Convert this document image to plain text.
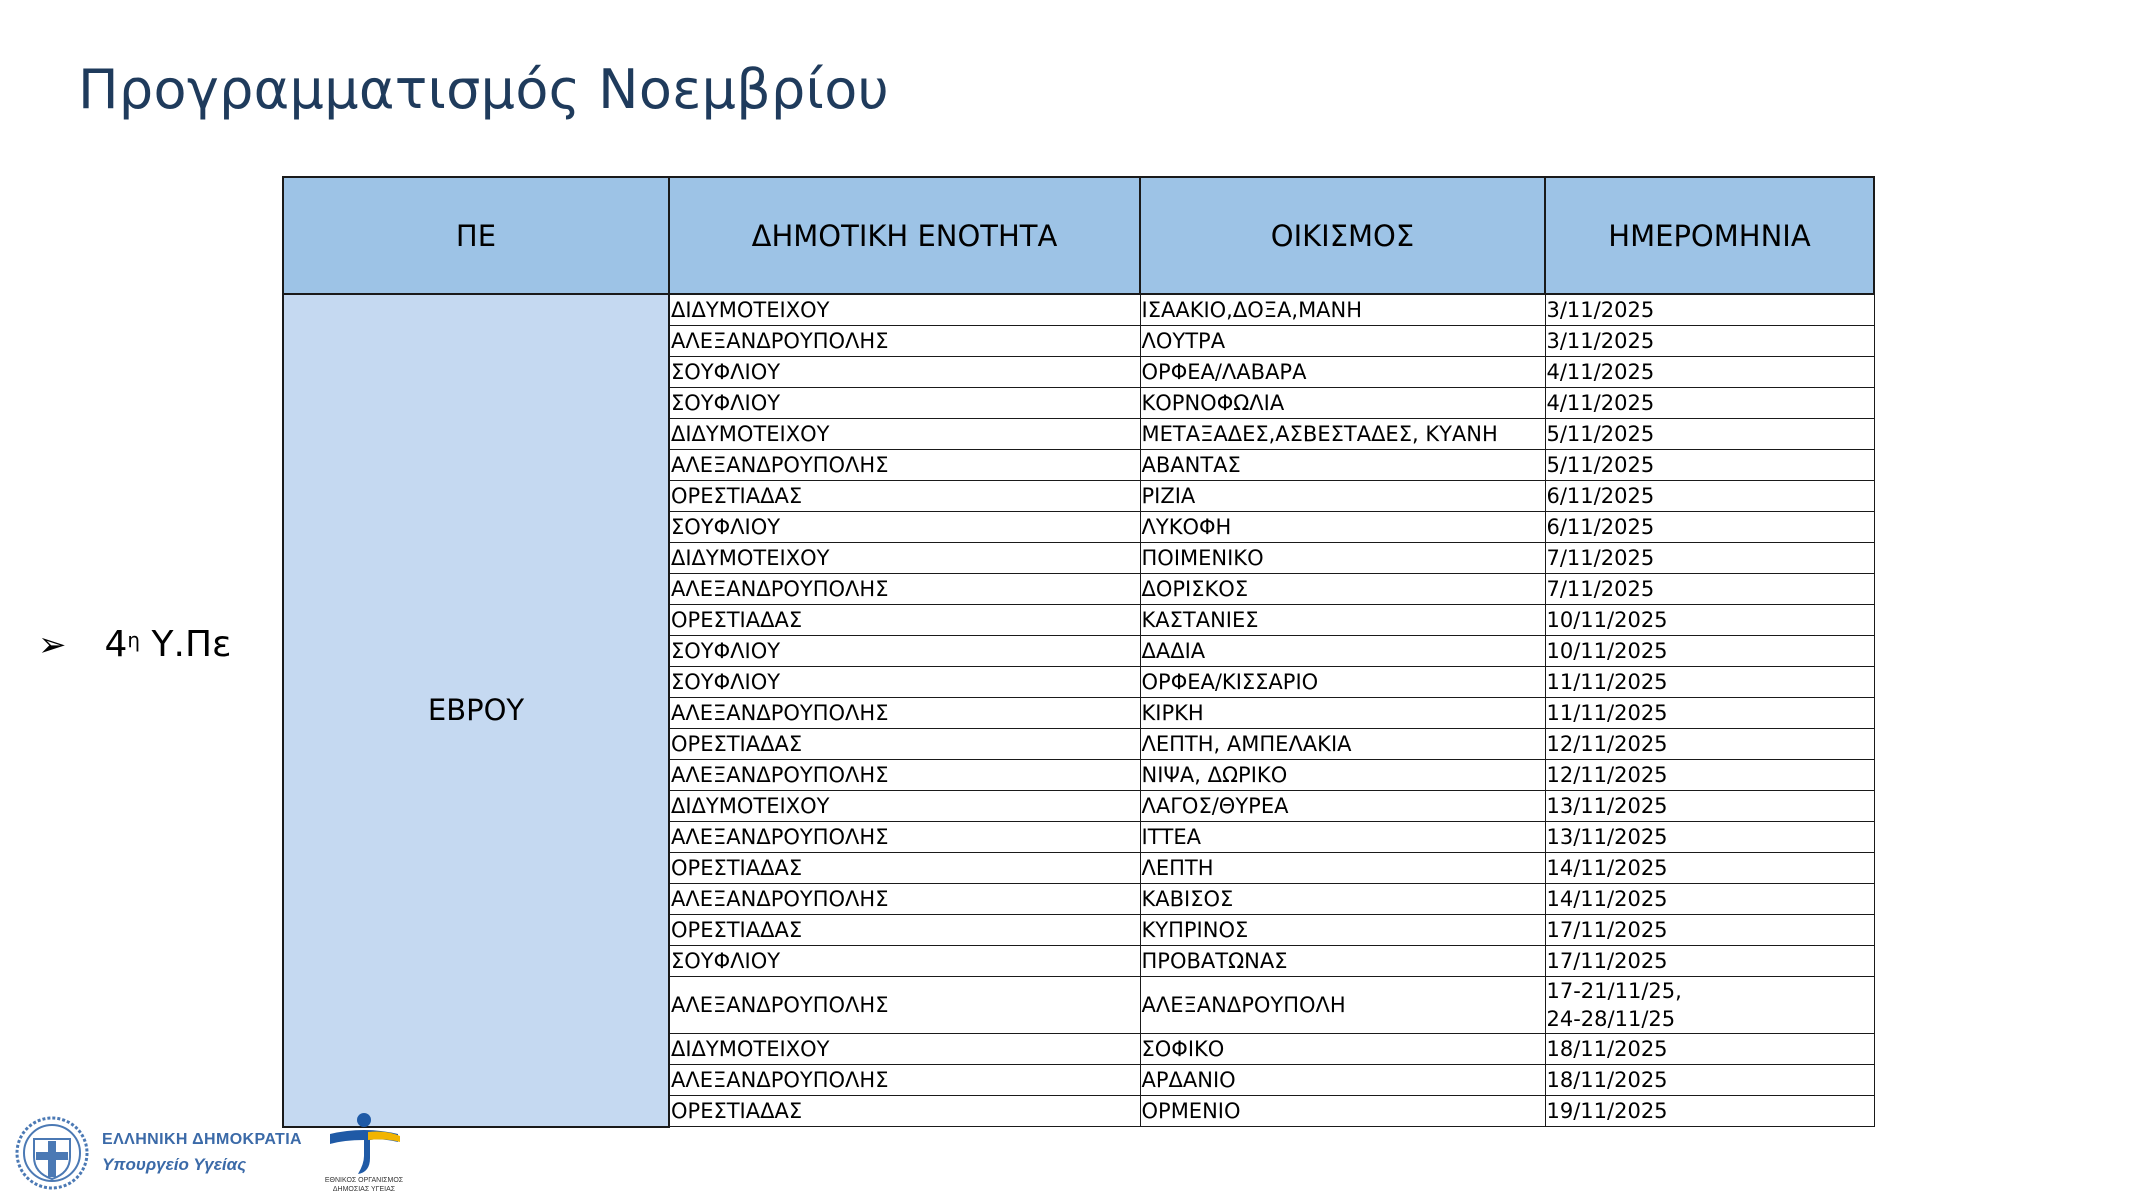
Προγραμματισμός Νοεμβρίου
➢ $4^\eta$ Υ.Πε
ΠΕ	ΔΗΜΟΤΙΚΗ ΕΝΟΤΗΤΑ	ΟΙΚΙΣΜΟΣ	ΗΜΕΡΟΜΗΝΙΑ
ΕΒΡΟΥ	ΔΙΔΥΜΟΤΕΙΧΟΥ	ΙΣΑΑΚΙΟ,ΔΟΞΑ,ΜΑΝΗ	3/11/2025
	ΑΛΕΞΑΝΔΡΟΥΠΟΛΗΣ	ΛΟΥΤΡΑ	3/11/2025
	ΣΟΥΦΛΙΟΥ	ΟΡΦΕΑ/ΛΑΒΑΡΑ	4/11/2025
	ΣΟΥΦΛΙΟΥ	ΚΟΡΝΟΦΩΛΙΑ	4/11/2025
	ΔΙΔΥΜΟΤΕΙΧΟΥ	ΜΕΤΑΞΑΔΕΣ,ΑΣΒΕΣΤΑΔΕΣ, ΚΥΑΝΗ	5/11/2025
	ΑΛΕΞΑΝΔΡΟΥΠΟΛΗΣ	ΑΒΑΝΤΑΣ	5/11/2025
	ΟΡΕΣΤΙΑΔΑΣ	ΡΙΖΙΑ	6/11/2025
	ΣΟΥΦΛΙΟΥ	ΛΥΚΟΦΗ	6/11/2025
	ΔΙΔΥΜΟΤΕΙΧΟΥ	ΠΟΙΜΕΝΙΚΟ	7/11/2025
	ΑΛΕΞΑΝΔΡΟΥΠΟΛΗΣ	ΔΟΡΙΣΚΟΣ	7/11/2025
	ΟΡΕΣΤΙΑΔΑΣ	ΚΑΣΤΑΝΙΕΣ	10/11/2025
	ΣΟΥΦΛΙΟΥ	ΔΑΔΙΑ	10/11/2025
	ΣΟΥΦΛΙΟΥ	ΟΡΦΕΑ/ΚΙΣΣΑΡΙΟ	11/11/2025
	ΑΛΕΞΑΝΔΡΟΥΠΟΛΗΣ	ΚΙΡΚΗ	11/11/2025
	ΟΡΕΣΤΙΑΔΑΣ	ΛΕΠΤΗ, ΑΜΠΕΛΑΚΙΑ	12/11/2025
	ΑΛΕΞΑΝΔΡΟΥΠΟΛΗΣ	ΝΙΨΑ, ΔΩΡΙΚΟ	12/11/2025
	ΔΙΔΥΜΟΤΕΙΧΟΥ	ΛΑΓΟΣ/ΘΥΡΕΑ	13/11/2025
	ΑΛΕΞΑΝΔΡΟΥΠΟΛΗΣ	ΙΤΤΕΑ	13/11/2025
	ΟΡΕΣΤΙΑΔΑΣ	ΛΕΠΤΗ	14/11/2025
	ΑΛΕΞΑΝΔΡΟΥΠΟΛΗΣ	ΚΑΒΙΣΟΣ	14/11/2025
	ΟΡΕΣΤΙΑΔΑΣ	ΚΥΠΡΙΝΟΣ	17/11/2025
	ΣΟΥΦΛΙΟΥ	ΠΡΟΒΑΤΩΝΑΣ	17/11/2025
	ΑΛΕΞΑΝΔΡΟΥΠΟΛΗΣ	ΑΛΕΞΑΝΔΡΟΥΠΟΛΗ	17-21/11/25,
24-28/11/25
	ΔΙΔΥΜΟΤΕΙΧΟΥ	ΣΟΦΙΚΟ	18/11/2025
	ΑΛΕΞΑΝΔΡΟΥΠΟΛΗΣ	ΑΡΔΑΝΙΟ	18/11/2025
	ΟΡΕΣΤΙΑΔΑΣ	ΟΡΜΕΝΙΟ	19/11/2025
ΕΛΛΗΝΙΚΗ ΔΗΜΟΚΡΑΤΙΑ
Υπουργείο Υγείας
ΕΘΝΙΚΟΣ ΟΡΓΑΝΙΣΜΟΣ
ΔΗΜΟΣΙΑΣ ΥΓΕΙΑΣ
